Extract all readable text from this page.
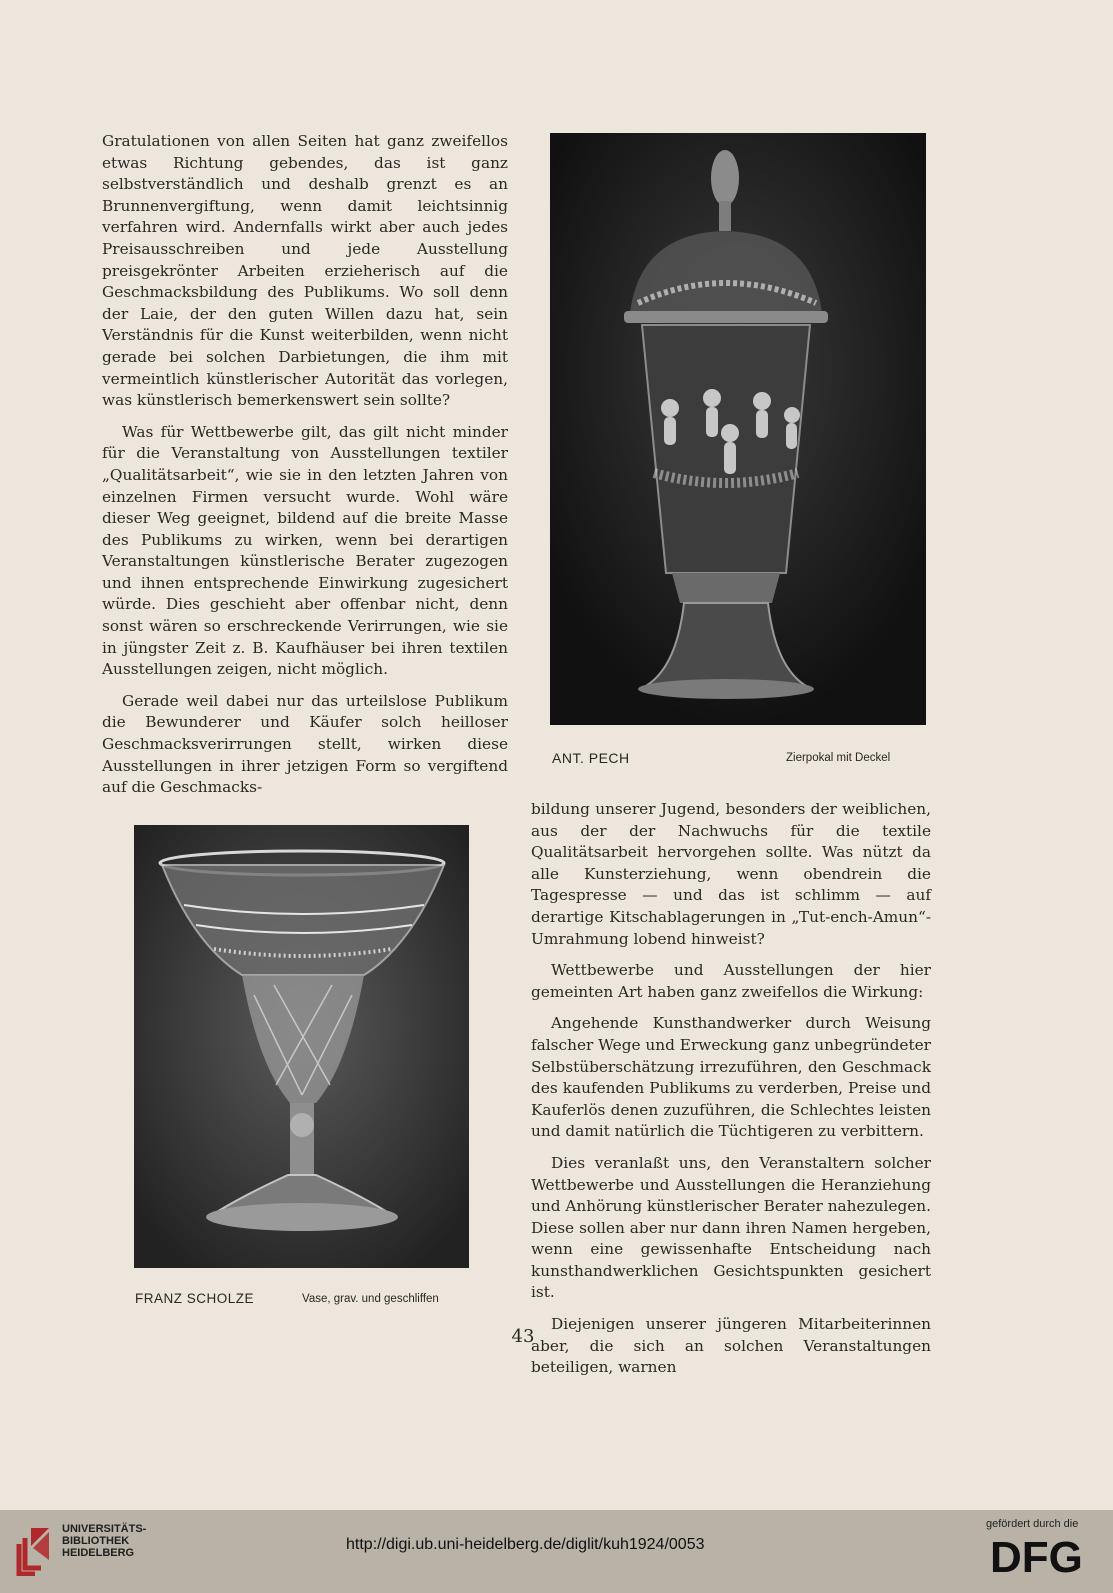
Gratulationen von allen Seiten hat ganz zweifellos etwas Richtung gebendes, das ist ganz selbstverständlich und deshalb grenzt es an Brunnenvergiftung, wenn damit leichtsinnig verfahren wird. Andernfalls wirkt aber auch jedes Preisausschreiben und jede Ausstellung preisgekrönter Arbeiten erzieherisch auf die Geschmacksbildung des Publikums. Wo soll denn der Laie, der den guten Willen dazu hat, sein Verständnis für die Kunst weiterbilden, wenn nicht gerade bei solchen Darbietungen, die ihm mit vermeintlich künstlerischer Autorität das vorlegen, was künstlerisch bemerkenswert sein sollte?

Was für Wettbewerbe gilt, das gilt nicht minder für die Veranstaltung von Ausstellungen textiler „Qualitätsarbeit“, wie sie in den letzten Jahren von einzelnen Firmen versucht wurde. Wohl wäre dieser Weg geeignet, bildend auf die breite Masse des Publikums zu wirken, wenn bei derartigen Veranstaltungen künstlerische Berater zugezogen und ihnen entsprechende Einwirkung zugesichert würde. Dies geschieht aber offenbar nicht, denn sonst wären so erschreckende Verirrungen, wie sie in jüngster Zeit z. B. Kaufhäuser bei ihren textilen Ausstellungen zeigen, nicht möglich.

Gerade weil dabei nur das urteilslose Publikum die Bewunderer und Käufer solch heilloser Geschmacksverirrungen stellt, wirken diese Ausstellungen in ihrer jetzigen Form so vergiftend auf die Geschmacks-

ANT. PECH	Zierpokal mit Deckel
FRANZ SCHOLZE	Vase, grav. und geschliffen

bildung unserer Jugend, besonders der weiblichen, aus der der Nachwuchs für die textile Qualitätsarbeit hervorgehen sollte. Was nützt da alle Kunsterziehung, wenn obendrein die Tagespresse — und das ist schlimm — auf derartige Kitschablagerungen in „Tut-ench-Amun“-Umrahmung lobend hinweist?

Wettbewerbe und Ausstellungen der hier gemeinten Art haben ganz zweifellos die Wirkung:

Angehende Kunsthandwerker durch Weisung falscher Wege und Erweckung ganz unbegründeter Selbstüberschätzung irrezuführen, den Geschmack des kaufenden Publikums zu verderben, Preise und Kauferlös denen zuzuführen, die Schlechtes leisten und damit natürlich die Tüchtigeren zu verbittern.

Dies veranlaßt uns, den Veranstaltern solcher Wettbewerbe und Ausstellungen die Heranziehung und Anhörung künstlerischer Berater nahezulegen. Diese sollen aber nur dann ihren Namen hergeben, wenn eine gewissenhafte Entscheidung nach kunsthandwerklichen Gesichtspunkten gesichert ist.

Diejenigen unserer jüngeren Mitarbeiterinnen aber, die sich an solchen Veranstaltungen beteiligen, warnen

43
UNIVERSITÄTS-
BIBLIOTHEK
HEIDELBERG	http://digi.ub.uni-heidelberg.de/diglit/kuh1924/0053
gefördert durch die
DFG
